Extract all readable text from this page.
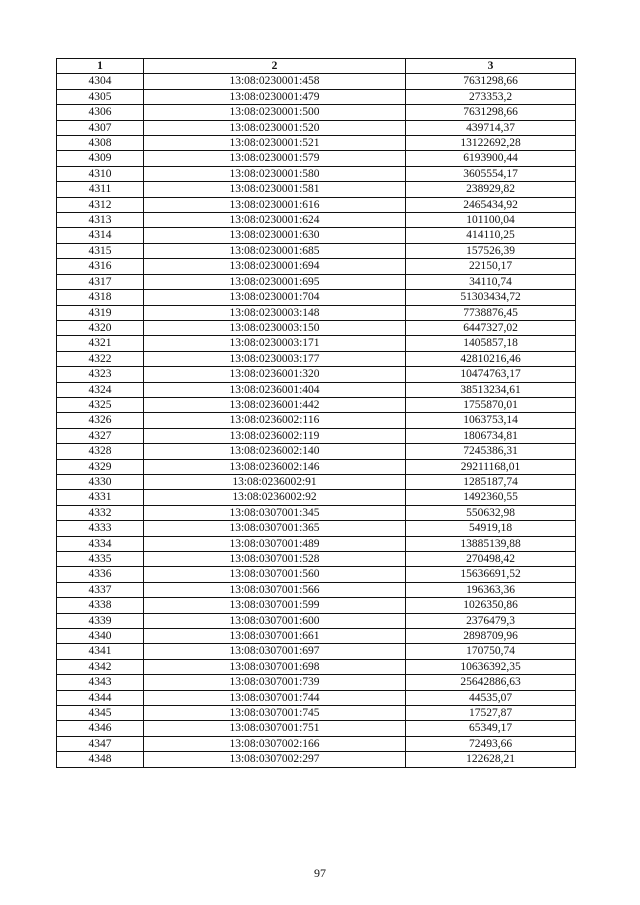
1	2	3
4304	13:08:0230001:458	7631298,66
4305	13:08:0230001:479	273353,2
4306	13:08:0230001:500	7631298,66
4307	13:08:0230001:520	439714,37
4308	13:08:0230001:521	13122692,28
4309	13:08:0230001:579	6193900,44
4310	13:08:0230001:580	3605554,17
4311	13:08:0230001:581	238929,82
4312	13:08:0230001:616	2465434,92
4313	13:08:0230001:624	101100,04
4314	13:08:0230001:630	414110,25
4315	13:08:0230001:685	157526,39
4316	13:08:0230001:694	22150,17
4317	13:08:0230001:695	34110,74
4318	13:08:0230001:704	51303434,72
4319	13:08:0230003:148	7738876,45
4320	13:08:0230003:150	6447327,02
4321	13:08:0230003:171	1405857,18
4322	13:08:0230003:177	42810216,46
4323	13:08:0236001:320	10474763,17
4324	13:08:0236001:404	38513234,61
4325	13:08:0236001:442	1755870,01
4326	13:08:0236002:116	1063753,14
4327	13:08:0236002:119	1806734,81
4328	13:08:0236002:140	7245386,31
4329	13:08:0236002:146	29211168,01
4330	13:08:0236002:91	1285187,74
4331	13:08:0236002:92	1492360,55
4332	13:08:0307001:345	550632,98
4333	13:08:0307001:365	54919,18
4334	13:08:0307001:489	13885139,88
4335	13:08:0307001:528	270498,42
4336	13:08:0307001:560	15636691,52
4337	13:08:0307001:566	196363,36
4338	13:08:0307001:599	1026350,86
4339	13:08:0307001:600	2376479,3
4340	13:08:0307001:661	2898709,96
4341	13:08:0307001:697	170750,74
4342	13:08:0307001:698	10636392,35
4343	13:08:0307001:739	25642886,63
4344	13:08:0307001:744	44535,07
4345	13:08:0307001:745	17527,87
4346	13:08:0307001:751	65349,17
4347	13:08:0307002:166	72493,66
4348	13:08:0307002:297	122628,21
97
